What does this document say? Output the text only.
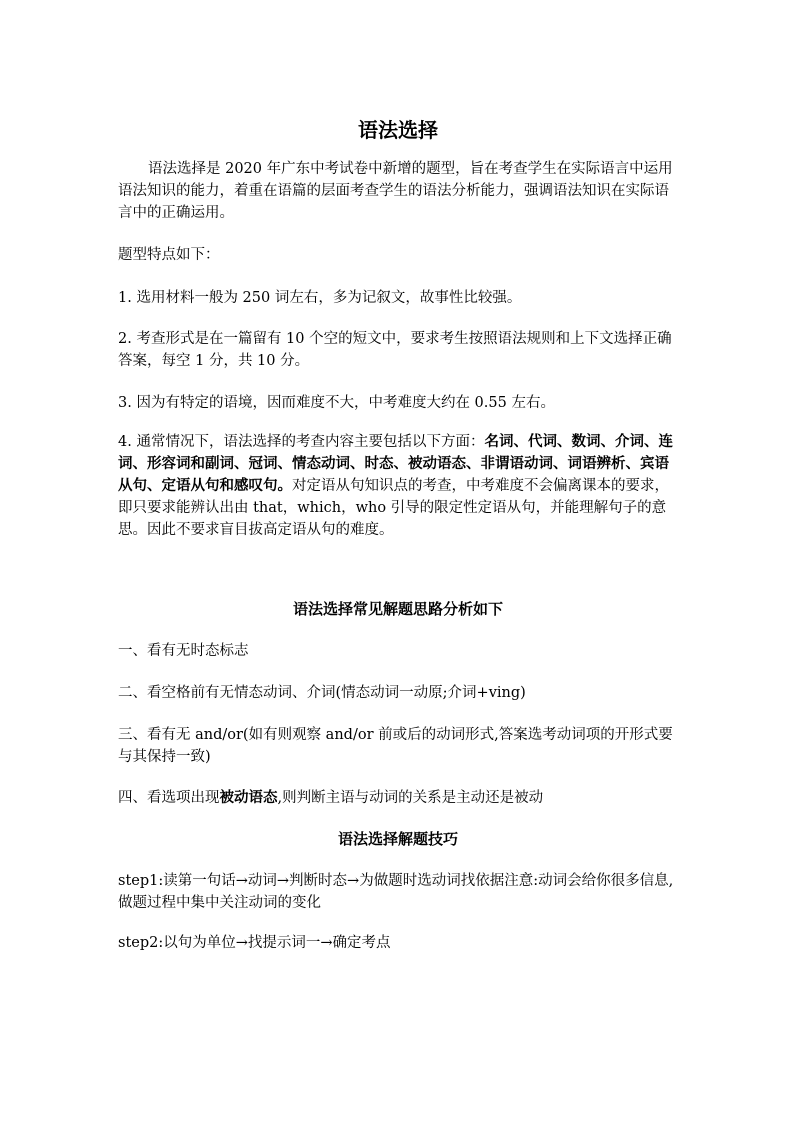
语法选择
语法选择是 2020 年广东中考试卷中新增的题型，旨在考查学生在实际语言中运用语法知识的能力，着重在语篇的层面考查学生的语法分析能力，强调语法知识在实际语言中的正确运用。
题型特点如下：
1. 选用材料一般为 250 词左右，多为记叙文，故事性比较强。
2. 考查形式是在一篇留有 10 个空的短文中，要求考生按照语法规则和上下文选择正确答案，每空 1 分，共 10 分。
3. 因为有特定的语境，因而难度不大，中考难度大约在 0.55 左右。
4. 通常情况下，语法选择的考查内容主要包括以下方面：名词、代词、数词、介词、连词、形容词和副词、冠词、情态动词、时态、被动语态、非谓语动词、词语辨析、宾语从句、定语从句和感叹句。对定语从句知识点的考查，中考难度不会偏离课本的要求，即只要求能辨认出由 that，which，who 引导的限定性定语从句，并能理解句子的意思。因此不要求盲目拔高定语从句的难度。
语法选择常见解题思路分析如下
一、看有无时态标志
二、看空格前有无情态动词、介词(情态动词一动原;介词+ving)
三、看有无 and/or(如有则观察 and/or 前或后的动词形式,答案选考动词项的开形式要与其保持一致)
四、看选项出现被动语态,则判断主语与动词的关系是主动还是被动
语法选择解题技巧
step1:读第一句话→动词→判断时态→为做题时选动词找依据注意:动词会给你很多信息,做题过程中集中关注动词的变化
step2:以句为单位→找提示词一→确定考点
